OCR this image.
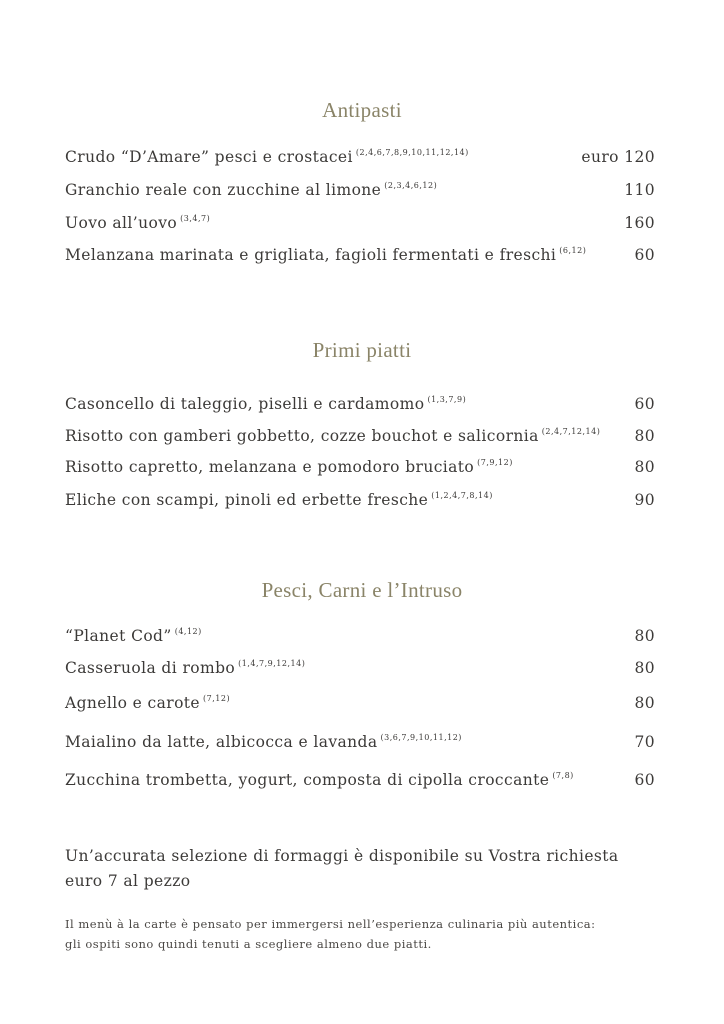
Antipasti
Crudo “D’Amare” pesci e crostacei $^{(2,4,6,7,8,9,10,11,12,14)}$	euro 120
Granchio reale con zucchine al limone $^{(2,3,4,6,12)}$	110
Uovo all’uovo $^{(3,4,7)}$	160
Melanzana marinata e grigliata, fagioli fermentati e freschi $^{(6,12)}$	60
Primi piatti
Casoncello di taleggio, piselli e cardamomo $^{(1,3,7,9)}$	60
Risotto con gamberi gobbetto, cozze bouchot e salicornia $^{(2,4,7,12,14)}$ 80
Risotto capretto, melanzana e pomodoro bruciato $^{(7,9,12)}$	80
Eliche con scampi, pinoli ed erbette fresche $^{(1,2,4,7,8,14)}$	90
Pesci, Carni e l’Intruso
“Planet Cod” $^{(4,12)}$	80
Casseruola di rombo $^{(1,4,7,9,12,14)}$	80
Agnello e carote $^{(7,12)}$	80
Maialino da latte, albicocca e lavanda $^{(3,6,7,9,10,11,12)}$	70
Zucchina trombetta, yogurt, composta di cipolla croccante $^{(7,8)}$	60
Un’accurata selezione di formaggi è disponibile su Vostra richiesta
euro 7 al pezzo
Il menù à la carte è pensato per immergersi nell’esperienza culinaria più autentica:
gli ospiti sono quindi tenuti a scegliere almeno due piatti.
